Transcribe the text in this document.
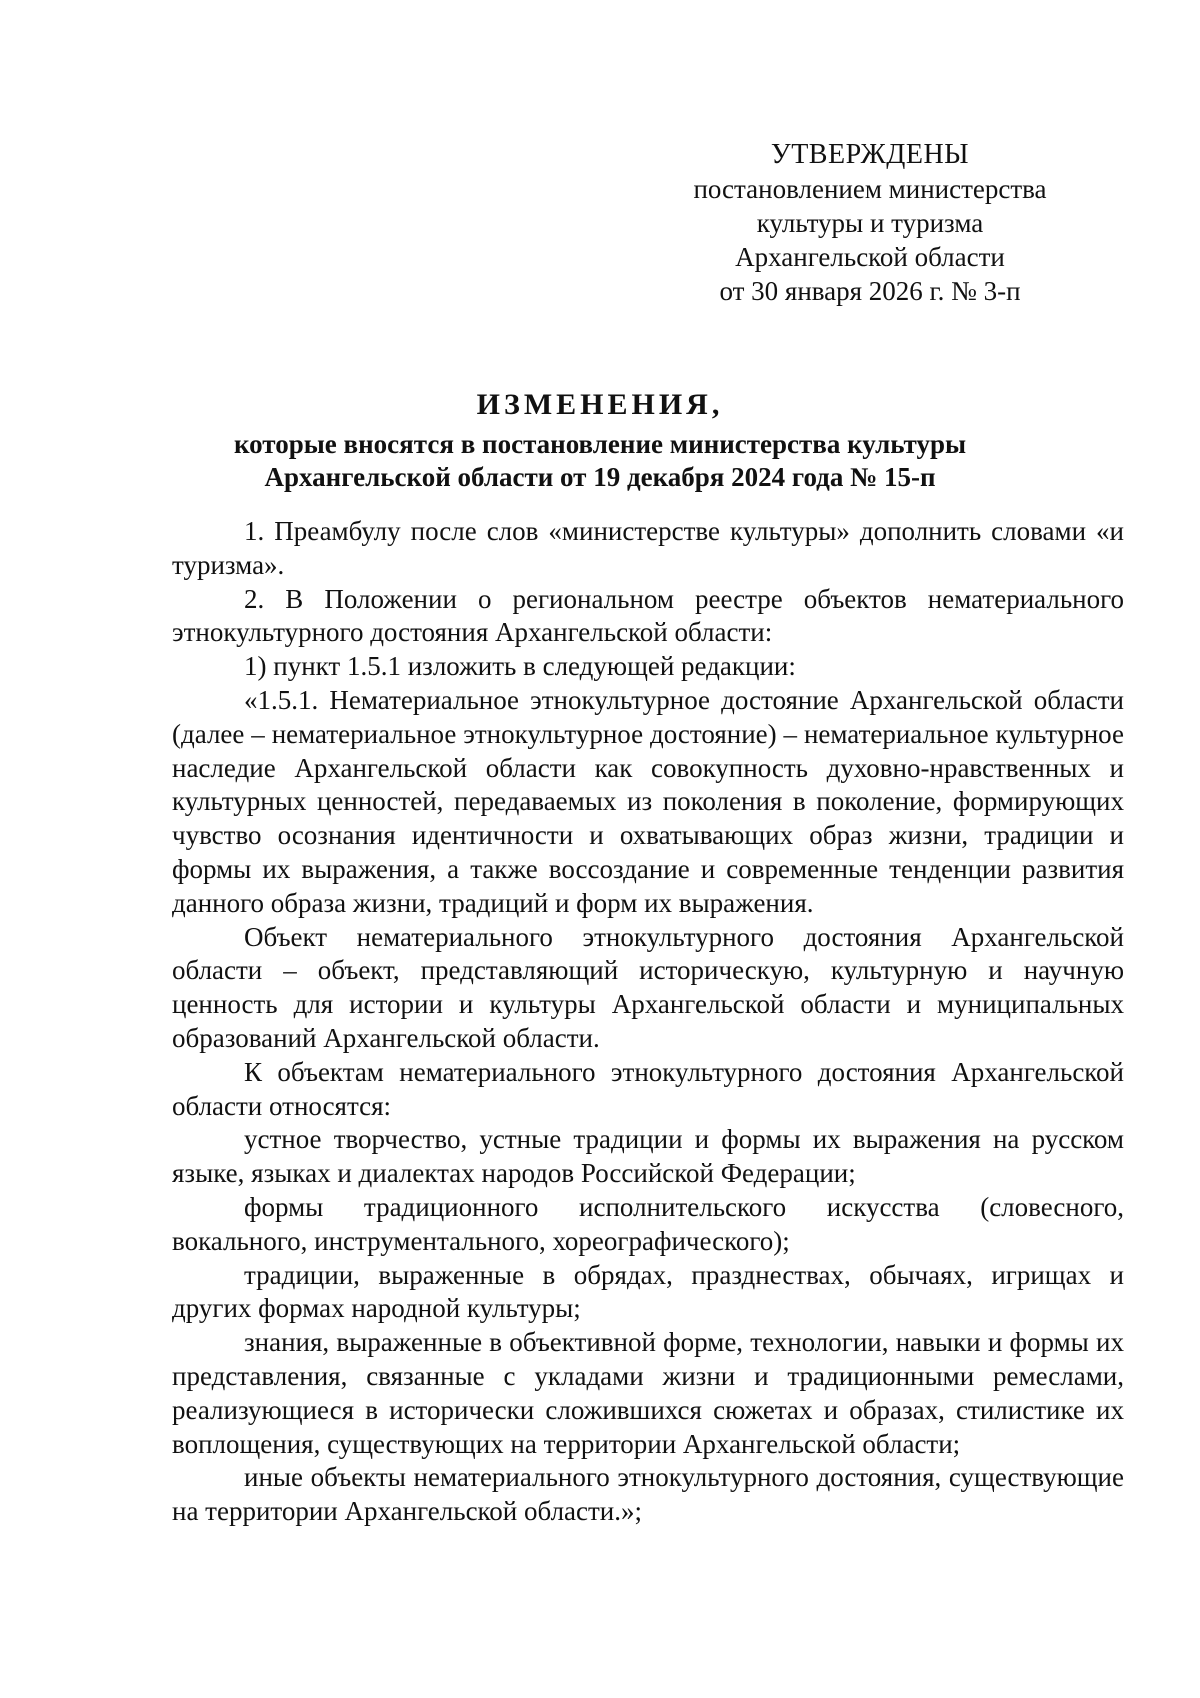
УТВЕРЖДЕНЫ
постановлением министерства
культуры и туризма
Архангельской области
от 30 января 2026 г. № 3-п
ИЗМЕНЕНИЯ,
которые вносятся в постановление министерства культуры
Архангельской области от 19 декабря 2024 года № 15-п

1. Преамбулу после слов «министерстве культуры» дополнить словами «и туризма».

2. В Положении о региональном реестре объектов нематериального этнокультурного достояния Архангельской области:

1) пункт 1.5.1 изложить в следующей редакции:

«1.5.1. Нематериальное этнокультурное достояние Архангельской области (далее – нематериальное этнокультурное достояние) – нематериальное культурное наследие Архангельской области как совокупность духовно-нравственных и культурных ценностей, передаваемых из поколения в поколение, формирующих чувство осознания идентичности и охватывающих образ жизни, традиции и формы их выражения, а также воссоздание и современные тенденции развития данного образа жизни, традиций и форм их выражения.

Объект нематериального этнокультурного достояния Архангельской области – объект, представляющий историческую, культурную и научную ценность для истории и культуры Архангельской области и муниципальных образований Архангельской области.

К объектам нематериального этнокультурного достояния Архангельской области относятся:

устное творчество, устные традиции и формы их выражения на русском языке, языках и диалектах народов Российской Федерации;

формы традиционного исполнительского искусства (словесного, вокального, инструментального, хореографического);

традиции, выраженные в обрядах, празднествах, обычаях, игрищах и других формах народной культуры;

знания, выраженные в объективной форме, технологии, навыки и формы их представления, связанные с укладами жизни и традиционными ремеслами, реализующиеся в исторически сложившихся сюжетах и образах, стилистике их воплощения, существующих на территории Архангельской области;

иные объекты нематериального этнокультурного достояния, существующие на территории Архангельской области.»;
